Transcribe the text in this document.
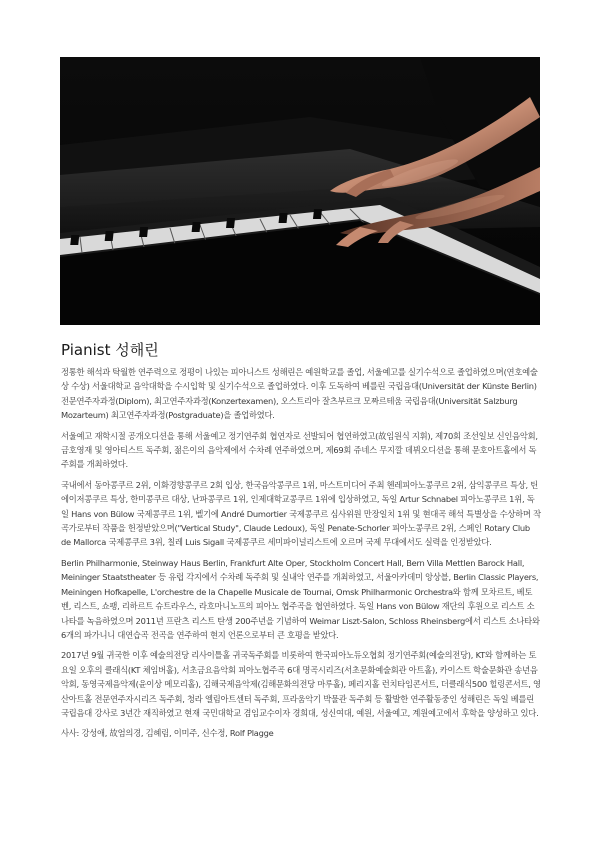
Pianist 성해린

정통한 해석과 탁월한 연주력으로 정평이 나있는 피아니스트 성해린은 예원학교를 졸업, 서울예고를 실기수석으로 졸업하였으며(연호예술상 수상) 서울대학교 음악대학을 수시입학 및 실기수석으로 졸업하였다. 이후 도독하여 베를린 국립음대(Universität der Künste Berlin) 전문연주자과정(Diplom), 최고연주자과정(Konzertexamen), 오스트리아 잘츠부르크 모짜르테움 국립음대(Universität Salzburg Mozarteum) 최고연주자과정(Postgraduate)을 졸업하였다.

서울예고 재학시절 공개오디션을 통해 서울예고 정기연주회 협연자로 선발되어 협연하였고(故임원식 지휘), 제70회 조선일보 신인음악회, 금호영재 및 영아티스트 독주회, 젊은이의 음악제에서 수차례 연주하였으며, 제69회 쥬네스 무지깔 데뷔오디션을 통해 문호아트홀에서 독주회를 개최하였다.

국내에서 동아콩쿠르 2위, 이화경향콩쿠르 2회 입상, 한국음악콩쿠르 1위, 마스트미디어 주최 헨레피아노콩쿠르 2위, 삼익콩쿠르 특상, 틴에이저콩쿠르 특상, 한미콩쿠르 대상, 난파콩쿠르 1위, 인제대학교콩쿠르 1위에 입상하였고, 독일 Artur Schnabel 피아노콩쿠르 1위, 독일 Hans von Bülow 국제콩쿠르 1위, 벨기에 André Dumortier 국제콩쿠르 심사위원 만장일치 1위 및 현대곡 해석 특별상을 수상하며 작곡가로부터 작품을 헌정받았으며("Vertical Study", Claude Ledoux), 독일 Penate-Schorler 피아노콩쿠르 2위, 스페인 Rotary Club de Mallorca 국제콩쿠르 3위, 칠레 Luis Sigall 국제콩쿠르 세미파이널리스트에 오르며 국제 무대에서도 실력을 인정받았다.

Berlin Philharmonie, Steinway Haus Berlin, Frankfurt Alte Oper, Stockholm Concert Hall, Bern Villa Mettlen Barock Hall, Meininger Staatstheater 등 유럽 각지에서 수차례 독주회 및 실내악 연주를 개최하였고, 서울아카데미 앙상블, Berlin Classic Players, Meiningen Hofkapelle, L'orchestre de la Chapelle Musicale de Tournai, Omsk Philharmonic Orchestra와 함께 모차르트, 베토벤, 리스트, 쇼팽, 리하르트 슈트라우스, 라흐마니노프의 피아노 협주곡을 협연하였다. 독일 Hans von Bülow 재단의 후원으로 리스트 소나타를 녹음하였으며 2011년 프란츠 리스트 탄생 200주년을 기념하여 Weimar Liszt-Salon, Schloss Rheinsberg에서 리스트 소나타와 6개의 파가니니 대연습곡 전곡을 연주하여 현지 언론으로부터 큰 호평을 받았다.

2017년 9월 귀국한 이후 예술의전당 리사이틀홀 귀국독주회를 비롯하여 한국피아노듀오협회 정기연주회(예술의전당), KT와 함께하는 토요일 오후의 클래식(KT 체임버홀), 서초금요음악회 피아노협주곡 6대 명곡시리즈(서초문화예술회관 아트홀), 카이스트 학술문화관 송년음악회, 동영국제음악제(윤이상 메모리홀), 김해국제음악제(김해문화의전당 마루홀), 페리지홀 런치타임콘서트, 더클래식500 힐링콘서트, 영산아트홀 전문연주자시리즈 독주회, 청라 엘림아트센터 독주회, 프라움악기 박물관 독주회 등 활발한 연주활동중인 성해린은 독일 베를린 국립음대 강사로 3년간 재직하였고 현재 국민대학교 겸임교수이자 경희대, 성신여대, 예원, 서울예고, 계원예고에서 후학을 양성하고 있다.

사사: 강성애, 故엄의경, 김혜림, 이미주, 신수정, Rolf Plagge
